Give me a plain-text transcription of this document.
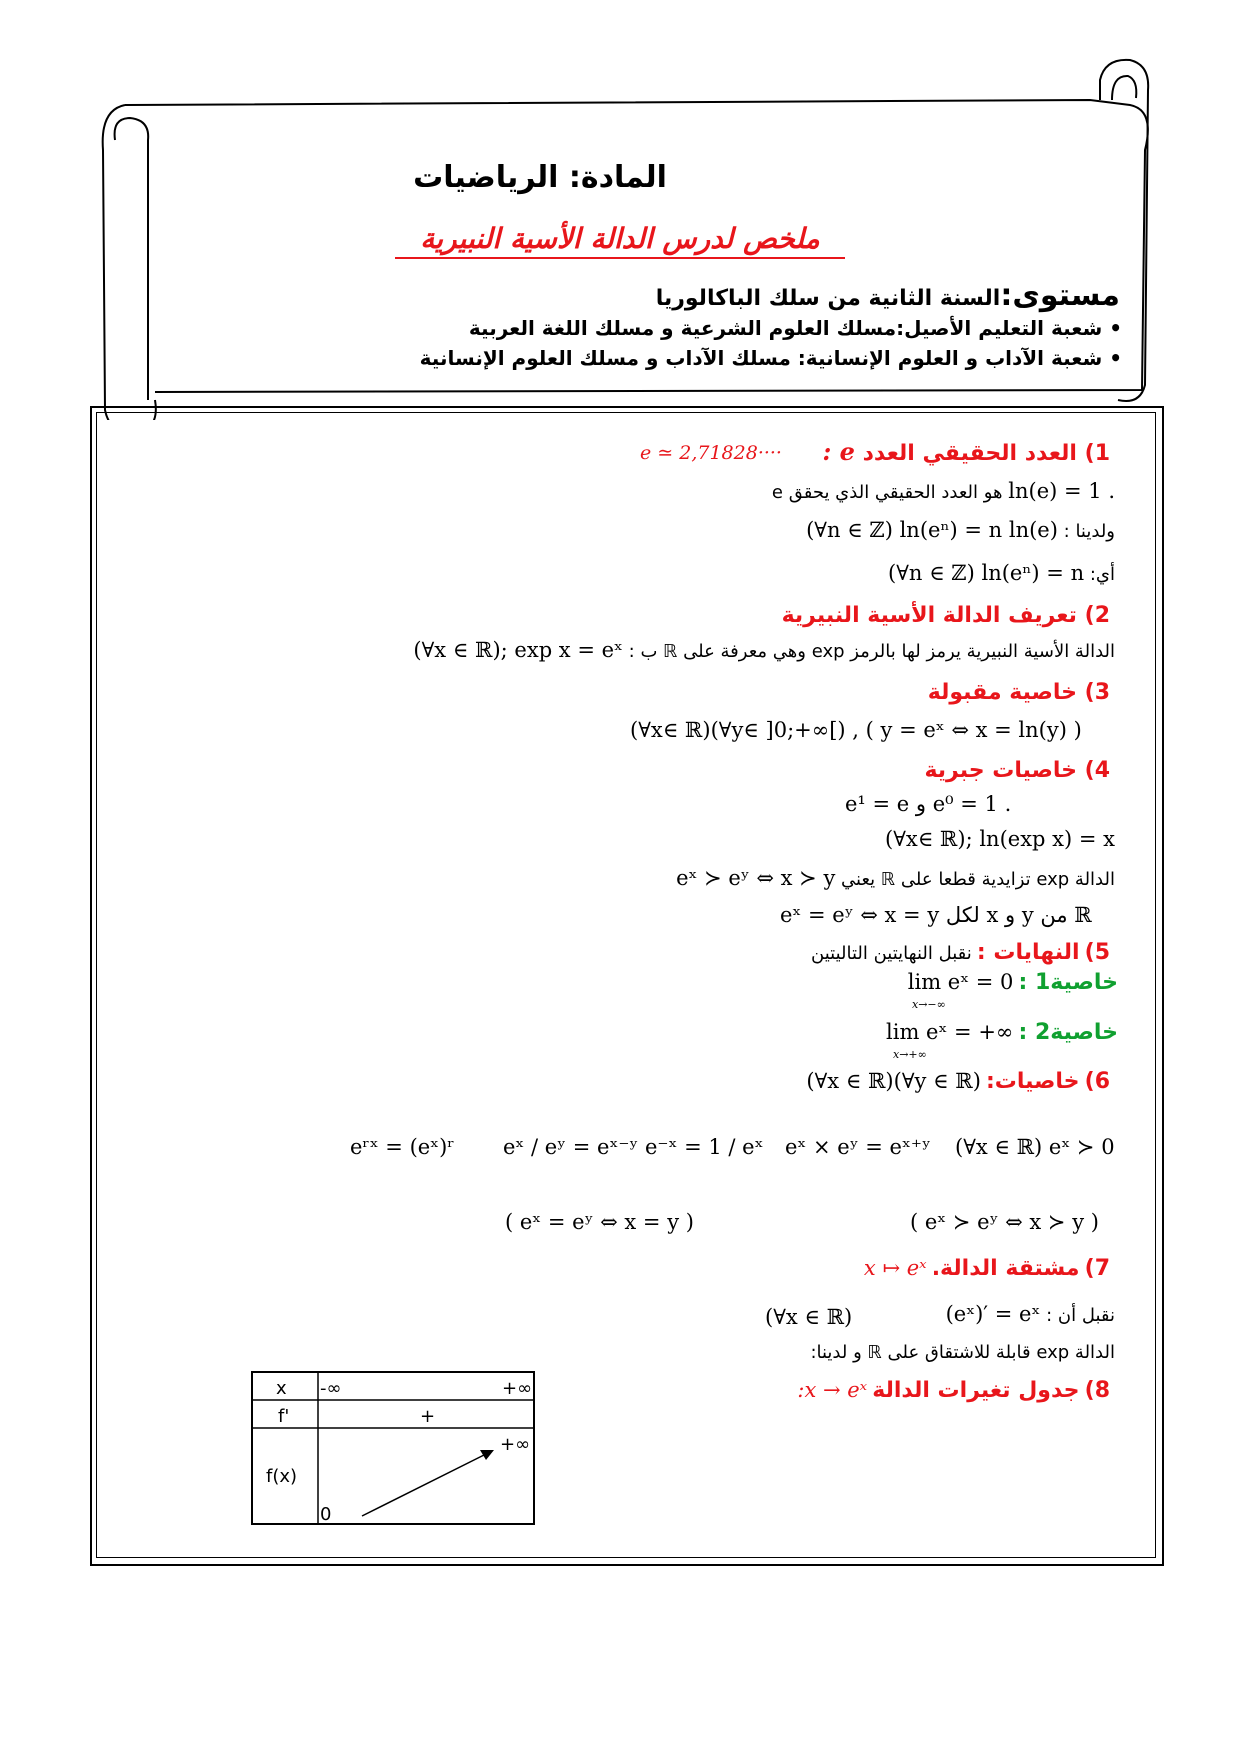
المادة: الرياضيات
ملخص لدرس الدالة الأسية النبيرية
مستوى:السنة الثانية من سلك الباكالوريا
• شعبة التعليم الأصيل:مسلك العلوم الشرعية و مسلك اللغة العربية
• شعبة الآداب و العلوم الإنسانية: مسلك الآداب و مسلك العلوم الإنسانية
1) العدد الحقيقي العدد e :
e ≃ 2,71828····
e هو العدد الحقيقي الذي يحقق ln(e) = 1 .
ولدينا : (∀n ∈ ℤ) ln(eⁿ) = n ln(e)
أي: (∀n ∈ ℤ) ln(eⁿ) = n
2) تعريف الدالة الأسية النبيرية
الدالة الأسية النبيرية يرمز لها بالرمز exp وهي معرفة على ℝ ب : (∀x ∈ ℝ); exp x = eˣ
3) خاصية مقبولة
(∀x∈ ℝ)(∀y∈ ]0;+∞[) , ( y = eˣ ⇔ x = ln(y) )
4) خاصيات جبرية
e¹ = e و e⁰ = 1 .
(∀x∈ ℝ); ln(exp x) = x
الدالة exp تزايدية قطعا على ℝ يعني eˣ ≻ eʸ ⇔ x ≻ y
eˣ = eʸ ⇔ x = y لكل x و y من ℝ
5) النهايات : نقبل النهايتين التاليتين
خاصية1 : lim eˣ = 0
x→−∞
خاصية2 : lim eˣ = +∞
x→+∞
6) خاصيات: (∀x ∈ ℝ)(∀y ∈ ℝ)
(∀x ∈ ℝ) eˣ ≻ 0
eˣ × eʸ = eˣ⁺ʸ
e⁻ˣ = 1 / eˣ
eˣ / eʸ = eˣ⁻ʸ
eʳˣ = (eˣ)ʳ
( eˣ ≻ eʸ ⇔ x ≻ y )
( eˣ = eʸ ⇔ x = y )
7) مشتقة الدالة. x ↦ eˣ
نقبل أن : (eˣ)′ = eˣ
(∀x ∈ ℝ)
الدالة exp قابلة للاشتقاق على ℝ و لدينا:
8) جدول تغيرات الدالة :x → eˣ
x -∞	+∞
f'	+
f(x)
0
+∞
